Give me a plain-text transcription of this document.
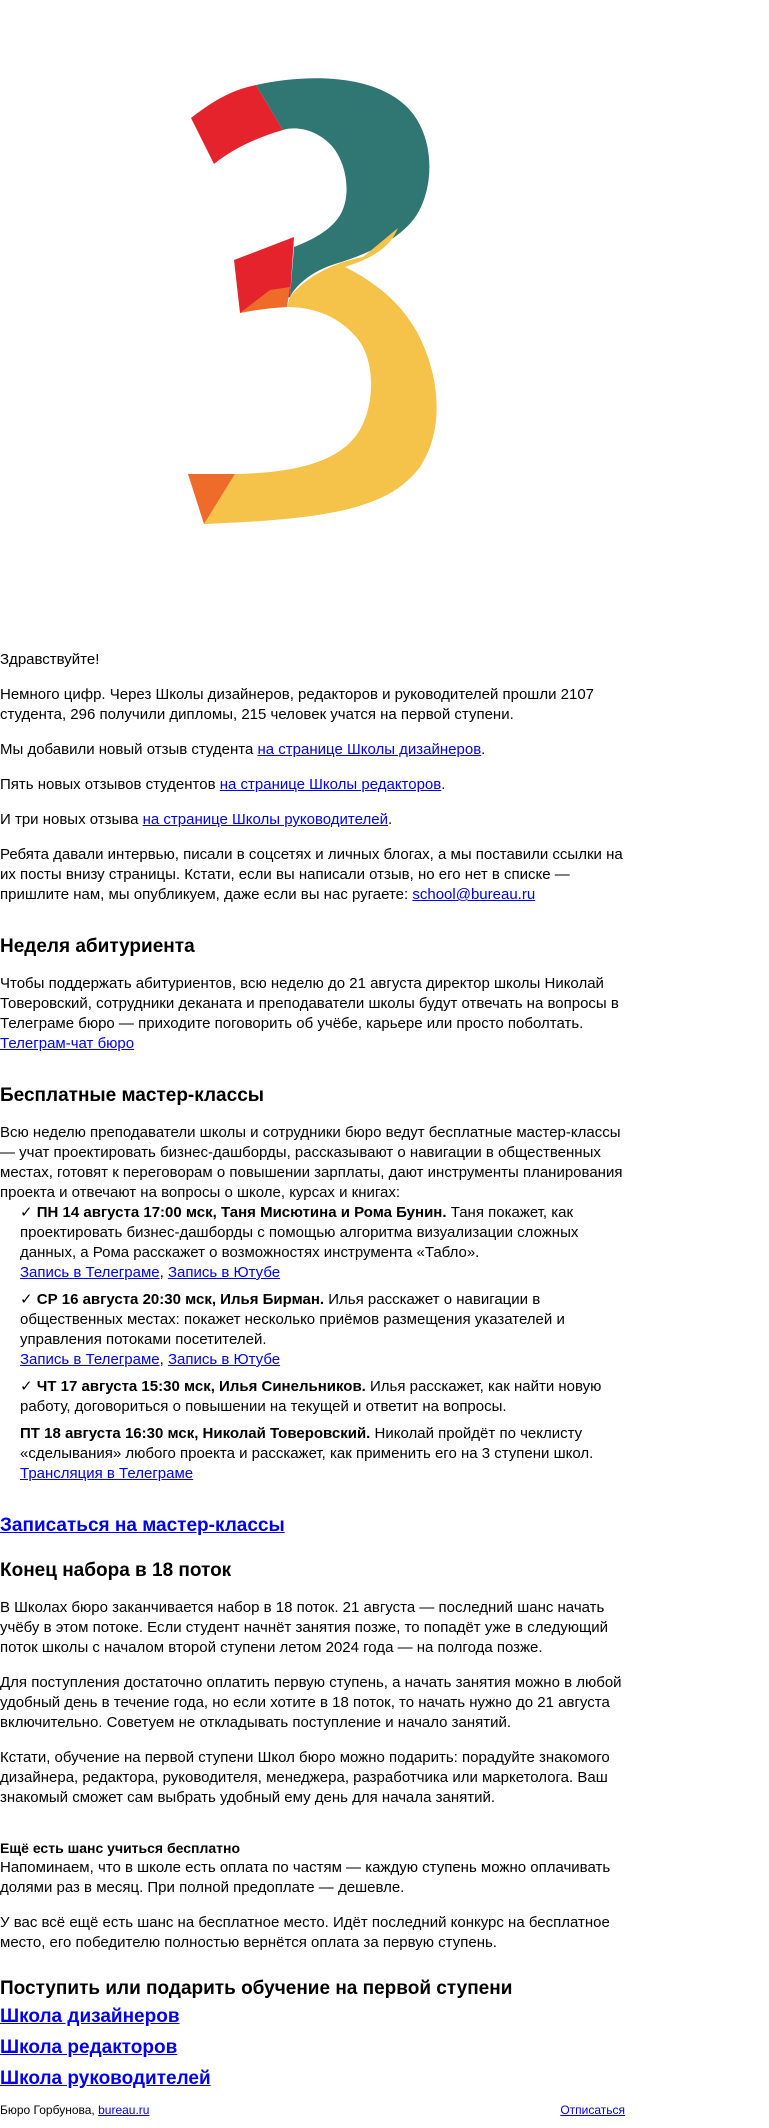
Здравствуйте!

Немного цифр. Через Школы дизайнеров, редакторов и руководителей прошли 2107 студента, 296 получили дипломы, 215 человек учатся на первой ступени.

Мы добавили новый отзыв студента на странице Школы дизайнеров.

Пять новых отзывов студентов на странице Школы редакторов.

И три новых отзыва на странице Школы руководителей.

Ребята давали интервью, писали в соцсетях и личных блогах, а мы поставили ссылки на их посты внизу страницы. Кстати, если вы написали отзыв, но его нет в списке — пришлите нам, мы опубликуем, даже если вы нас ругаете: school@bureau.ru

Неделя абитуриента

Чтобы поддержать абитуриентов, всю неделю до 21 августа директор школы Николай Товеровский, сотрудники деканата и преподаватели школы будут отвечать на вопросы в Телеграме бюро — приходите поговорить об учёбе, карьере или просто поболтать.
Телеграм-чат бюро

Бесплатные мастер-классы

Всю неделю преподаватели школы и сотрудники бюро ведут бесплатные мастер-классы — учат проектировать бизнес-дашборды, рассказывают о навигации в общественных местах, готовят к переговорам о повышении зарплаты, дают инструменты планирования проекта и отвечают на вопросы о школе, курсах и книгах:

✓ ПН 14 августа 17:00 мск, Таня Мисютина и Рома Бунин. Таня покажет, как проектировать бизнес-дашборды с помощью алгоритма визуализации сложных данных, а Рома расскажет о возможностях инструмента «Табло».
Запись в Телеграме, Запись в Ютубе
✓ СР 16 августа 20:30 мск, Илья Бирман. Илья расскажет о навигации в общественных местах: покажет несколько приёмов размещения указателей и управления потоками посетителей.
Запись в Телеграме, Запись в Ютубе
✓ ЧТ 17 августа 15:30 мск, Илья Синельников. Илья расскажет, как найти новую работу, договориться о повышении на текущей и ответит на вопросы.
ПТ 18 августа 16:30 мск, Николай Товеровский. Николай пройдёт по чеклисту «сделывания» любого проекта и расскажет, как применить его на 3 ступени школ.
Трансляция в Телеграме
Записаться на мастер-классы
Конец набора в 18 поток

В Школах бюро заканчивается набор в 18 поток. 21 августа — последний шанс начать учёбу в этом потоке. Если студент начнёт занятия позже, то попадёт уже в следующий поток школы с началом второй ступени летом 2024 года — на полгода позже.

Для поступления достаточно оплатить первую ступень, а начать занятия можно в любой удобный день в течение года, но если хотите в 18 поток, то начать нужно до 21 августа включительно. Советуем не откладывать поступление и начало занятий.

Кстати, обучение на первой ступени Школ бюро можно подарить: порадуйте знакомого дизайнера, редактора, руководителя, менеджера, разработчика или маркетолога. Ваш знакомый сможет сам выбрать удобный ему день для начала занятий.

Ещё есть шанс учиться бесплатно

Напоминаем, что в школе есть оплата по частям — каждую ступень можно оплачивать долями раз в месяц. При полной предоплате — дешевле.

У вас всё ещё есть шанс на бесплатное место. Идёт последний конкурс на бесплатное место, его победителю полностью вернётся оплата за первую ступень.

Поступить или подарить обучение на первой ступени
Школа дизайнеров
Школа редакторов
Школа руководителей
Бюро Горбунова, bureau.ru	Отписаться
